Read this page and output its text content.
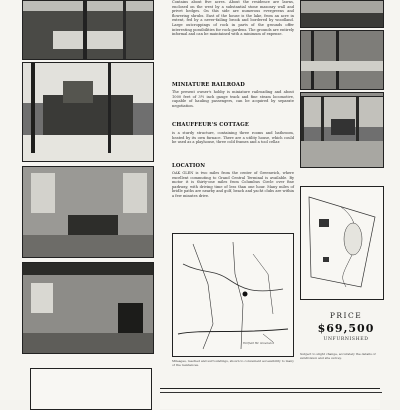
Contains about five acres. About the residence are lawns, enclosed on the west by a substantial stone masonry wall and privet hedges. On this side are numerous evergreens and flowering shrubs. East of the house is the lake, from an acre in extent, fed by a never-failing brook and bordered by woodland. Large outcroppings of rock in parts of the grounds offer interesting possibilities for rock gardens. The grounds are entirely informal and can be maintained with a minimum of expense.
MINIATURE RAILROAD
The present owner's hobby is miniature railroading and about 1000 feet of 3½ inch gauge track and fine steam locomotive, capable of hauling passengers, can be acquired by separate negotiation.
CHAUFFEUR'S COTTAGE
is a sturdy structure, containing three rooms and bathroom, heated by its own furnace. There are a utility house, which could be used as a playhouse, three cold frames and a tool cellar.
LOCATION
OAK GLEN is two miles from the center of Greenwich, where excellent commuting to Grand Central Terminal is available. By motor it is thirty-one miles from Columbus Circle over fine parkway, with driving time of less than one hour. Many miles of bridle paths are nearby and golf, beach and yacht clubs are within a few minutes drive.
Fairfield Rd. Greenwich
Mileages, reached and surroundings, shown to convenient accessibility to many of the residences.
Subject to slight change, accurately the details of subdivision and site survey.
PRICE
$69,500
UNFURNISHED
